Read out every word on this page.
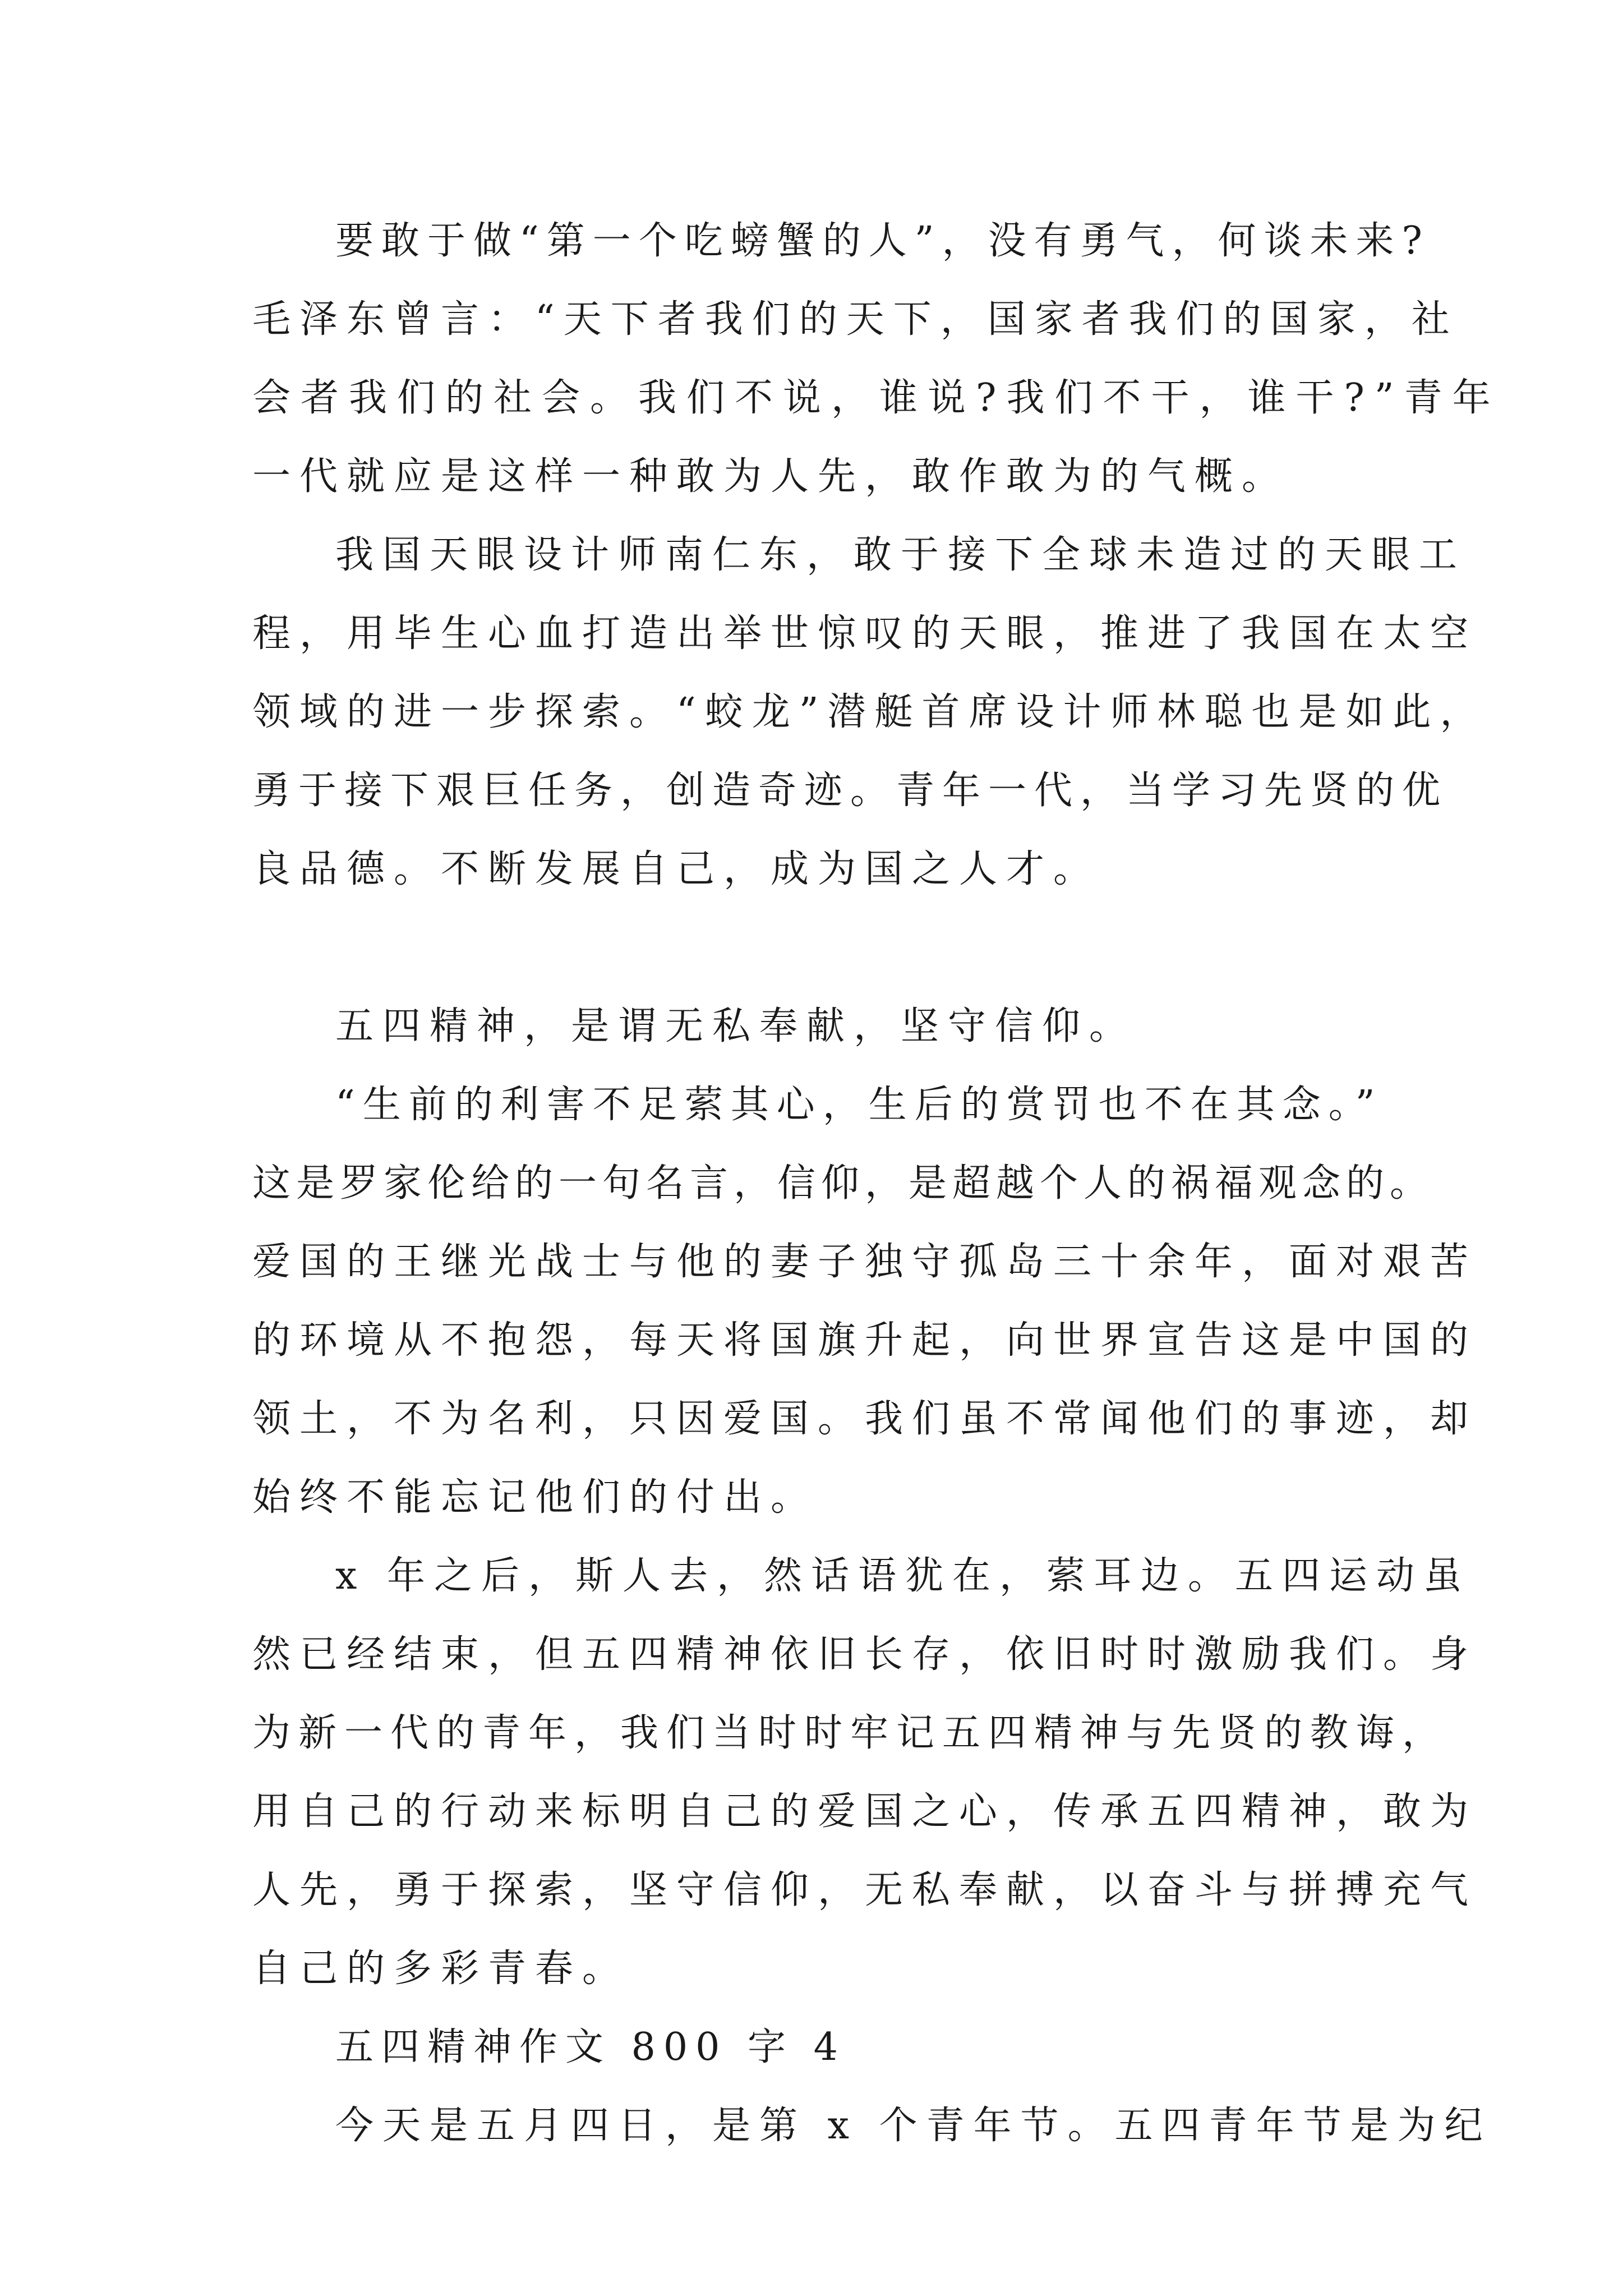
要敢于做“第一个吃螃蟹的人”，没有勇气，何谈未来?
毛泽东曾言：“天下者我们的天下，国家者我们的国家，社
会者我们的社会。我们不说，谁说?我们不干，谁干?”青年
一代就应是这样一种敢为人先，敢作敢为的气概。
我国天眼设计师南仁东，敢于接下全球未造过的天眼工
程，用毕生心血打造出举世惊叹的天眼，推进了我国在太空
领域的进一步探索。“蛟龙”潜艇首席设计师林聪也是如此，
勇于接下艰巨任务，创造奇迹。青年一代，当学习先贤的优
良品德。不断发展自己，成为国之人才。
五四精神，是谓无私奉献，坚守信仰。
“生前的利害不足萦其心，生后的赏罚也不在其念。”
这是罗家伦给的一句名言，信仰，是超越个人的祸福观念的。
爱国的王继光战士与他的妻子独守孤岛三十余年，面对艰苦
的环境从不抱怨，每天将国旗升起，向世界宣告这是中国的
领土，不为名利，只因爱国。我们虽不常闻他们的事迹，却
始终不能忘记他们的付出。
x 年之后，斯人去，然话语犹在，萦耳边。五四运动虽
然已经结束，但五四精神依旧长存，依旧时时激励我们。身
为新一代的青年，我们当时时牢记五四精神与先贤的教诲，
用自己的行动来标明自己的爱国之心，传承五四精神，敢为
人先，勇于探索，坚守信仰，无私奉献，以奋斗与拼搏充气
自己的多彩青春。
五四精神作文 800 字 4
今天是五月四日，是第 x 个青年节。五四青年节是为纪
